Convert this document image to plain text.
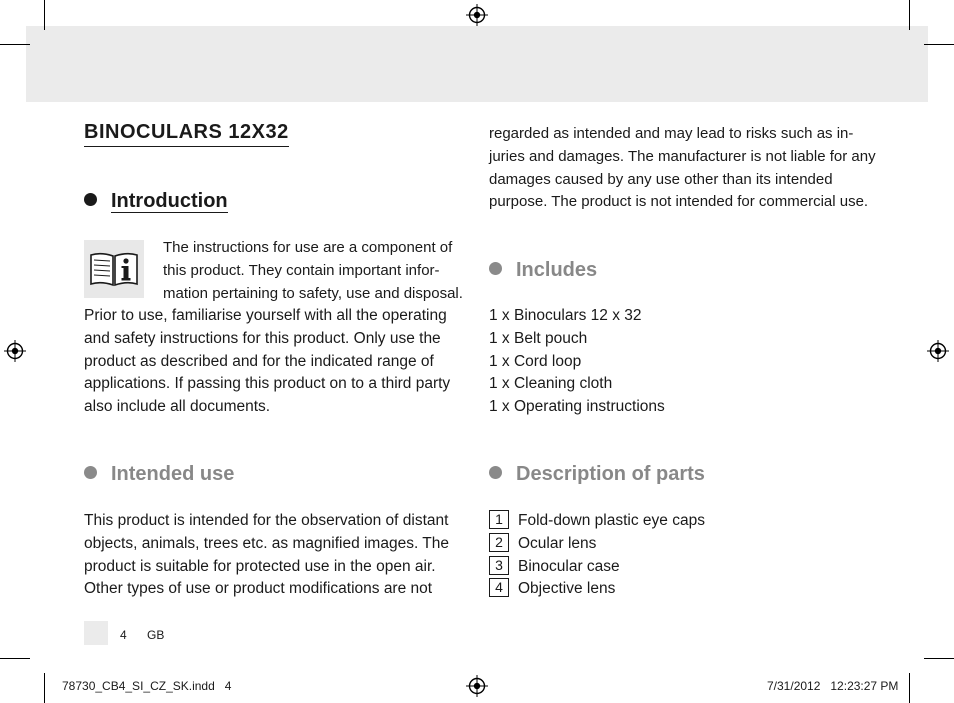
BINOCULARS 12X32
Introduction

The instructions for use are a component of

this product. They contain important infor-

mation pertaining to safety, use and disposal.

Prior to use, familiarise yourself with all the operating

and safety instructions for this product. Only use the

product as described and for the indicated range of

applications. If passing this product on to a third party

also include all documents.

Intended use

This product is intended for the observation of distant

objects, animals, trees etc. as magnified images. The

product is suitable for protected use in the open air.

Other types of use or product modifications are not

regarded as intended and may lead to risks such as in-

juries and damages. The manufacturer is not liable for any

damages caused by any use other than its intended

purpose. The product is not intended for commercial use.

Includes
1 x Binoculars 12 x 32
1 x Belt pouch
1 x Cord loop
1 x Cleaning cloth
1 x Operating instructions
Description of parts
1 Fold-down plastic eye caps
2 Ocular lens
3 Binocular case
4 Objective lens
4 GB
78730_CB4_SI_CZ_SK.indd   4	7/31/2012   12:23:27 PM
